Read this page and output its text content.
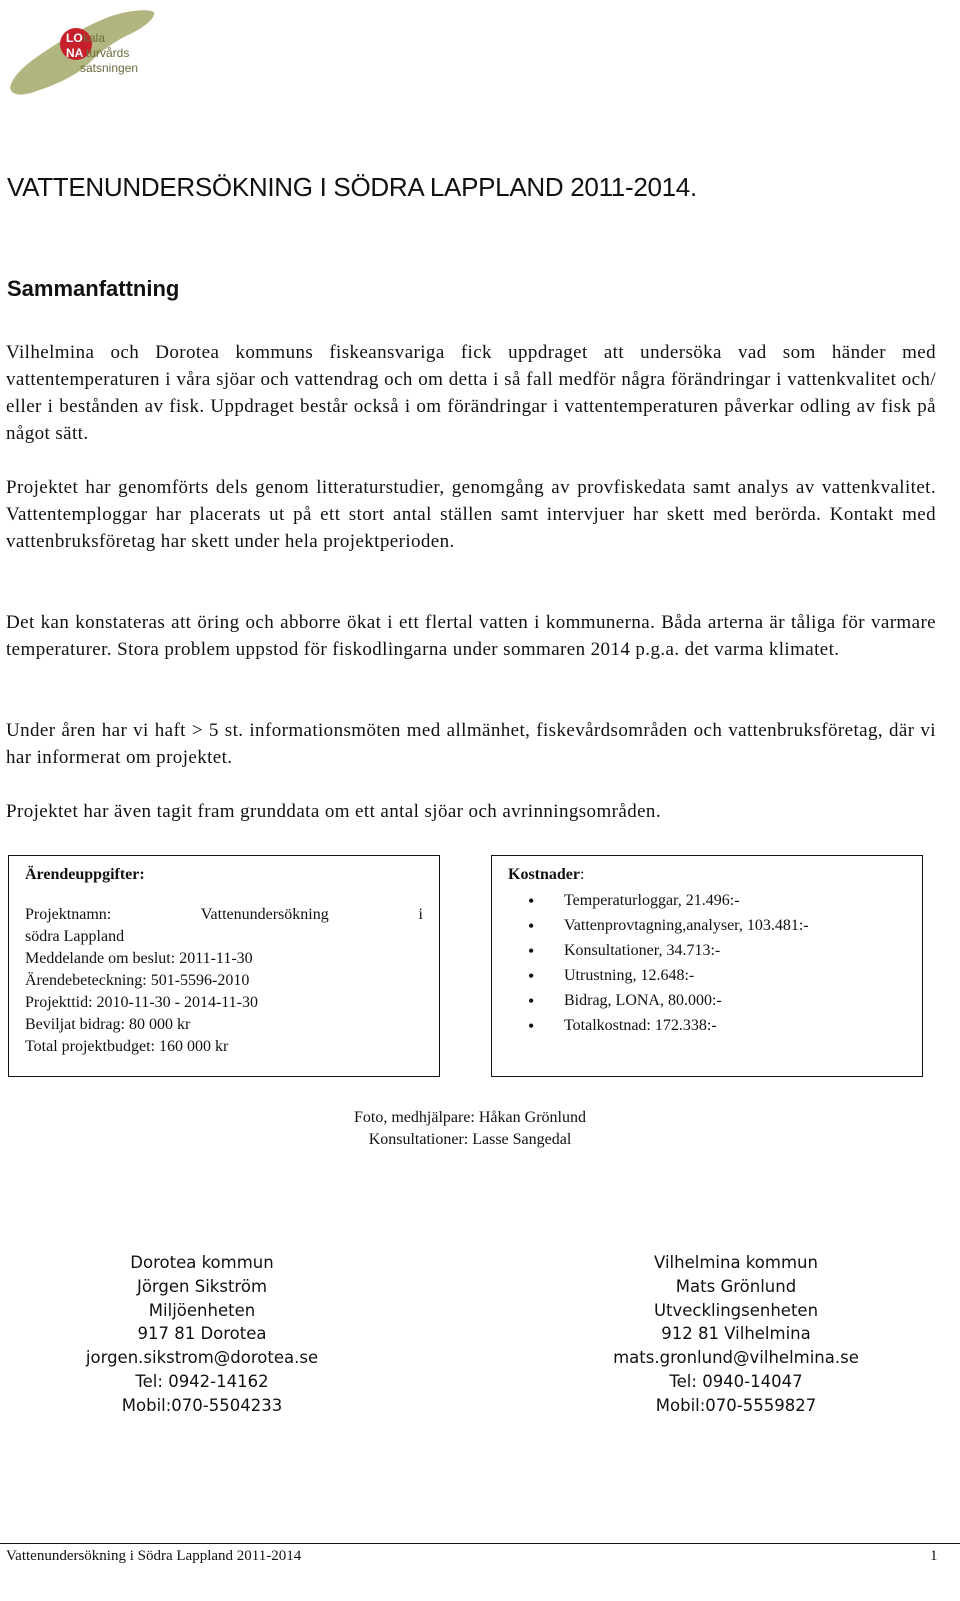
LO kala
NA turvårds
satsningen
VATTENUNDERSÖKNING I SÖDRA LAPPLAND 2011-2014.
Sammanfattning

Vilhelmina och Dorotea kommuns fiskeansvariga fick uppdraget att undersöka vad som händer med vattentemperaturen i våra sjöar och vattendrag och om detta i så fall medför några förändringar i vattenkvalitet och/ eller i bestånden av fisk. Uppdraget består också i om förändringar i vattentemperaturen påverkar odling av fisk på något sätt.

Projektet har genomförts dels genom litteraturstudier, genomgång av provfiskedata samt analys av vattenkvalitet. Vattentemploggar har placerats ut på ett stort antal ställen samt intervjuer har skett med berörda. Kontakt med vattenbruksföretag har skett under hela projektperioden.

Det kan konstateras att öring och abborre ökat i ett flertal vatten i kommunerna. Båda arterna är tåliga för varmare temperaturer. Stora problem uppstod för fiskodlingarna under sommaren 2014 p.g.a. det varma klimatet.

Under åren har vi haft > 5 st. informationsmöten med allmänhet, fiskevårdsområden och vattenbruksföretag, där vi har informerat om projektet.

Projektet har även tagit fram grunddata om ett antal sjöar och avrinningsområden.

Ärendeuppgifter:

Projektnamn: Vattenundersökning i

södra Lappland

Meddelande om beslut: 2011-11-30

Ärendebeteckning: 501-5596-2010

Projekttid: 2010-11-30 - 2014-11-30

Beviljat bidrag: 80 000 kr

Total projektbudget: 160 000 kr

Kostnader:

• Temperaturloggar, 21.496:-
• Vattenprovtagning,analyser, 103.481:-
• Konsultationer, 34.713:-
• Utrustning, 12.648:-
• Bidrag, LONA, 80.000:-
• Totalkostnad: 172.338:-

Foto, medhjälpare: Håkan Grönlund

Konsultationer: Lasse Sangedal

Dorotea kommun

Jörgen Sikström

Miljöenheten

917 81 Dorotea

jorgen.sikstrom@dorotea.se

Tel: 0942-14162

Mobil:070-5504233

Vilhelmina kommun

Mats Grönlund

Utvecklingsenheten

912 81 Vilhelmina

mats.gronlund@vilhelmina.se

Tel: 0940-14047

Mobil:070-5559827

Vattenundersökning i Södra Lappland 2011-2014	1
